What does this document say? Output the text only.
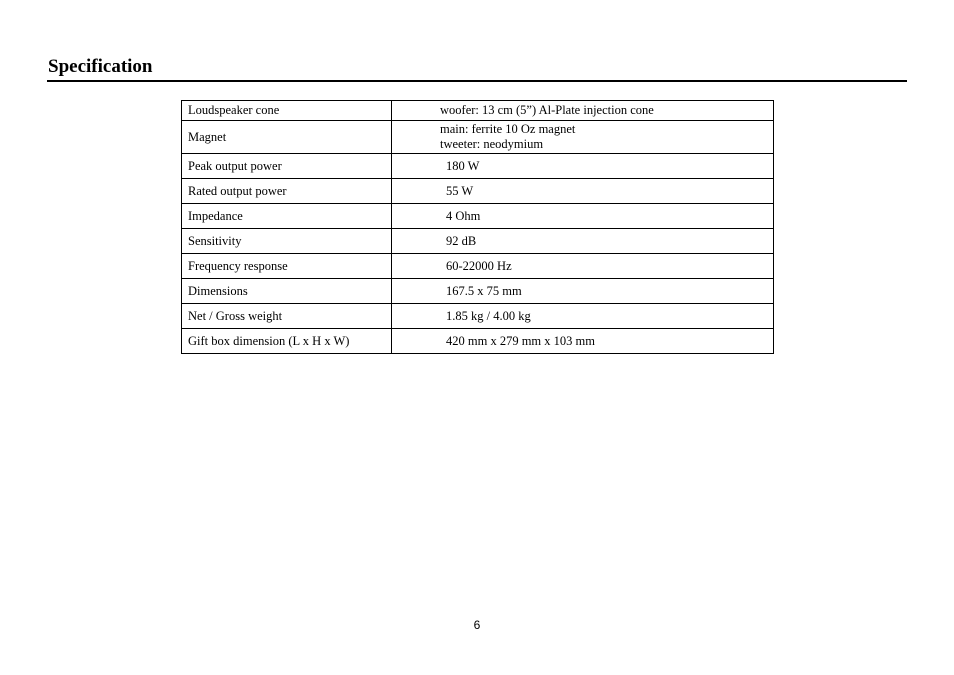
Specification
Loudspeaker cone	woofer: 13 cm (5”) Al-Plate injection cone

Magnet	main: ferrite 10 Oz magnet
tweeter: neodymium

Peak output power	180 W

Rated output power	55 W

Impedance	4 Ohm

Sensitivity	92 dB

Frequency response	60-22000 Hz

Dimensions	167.5 x 75 mm

Net / Gross weight	1.85 kg / 4.00 kg

Gift box dimension (L x H x W)	420 mm x 279 mm x 103 mm
6
